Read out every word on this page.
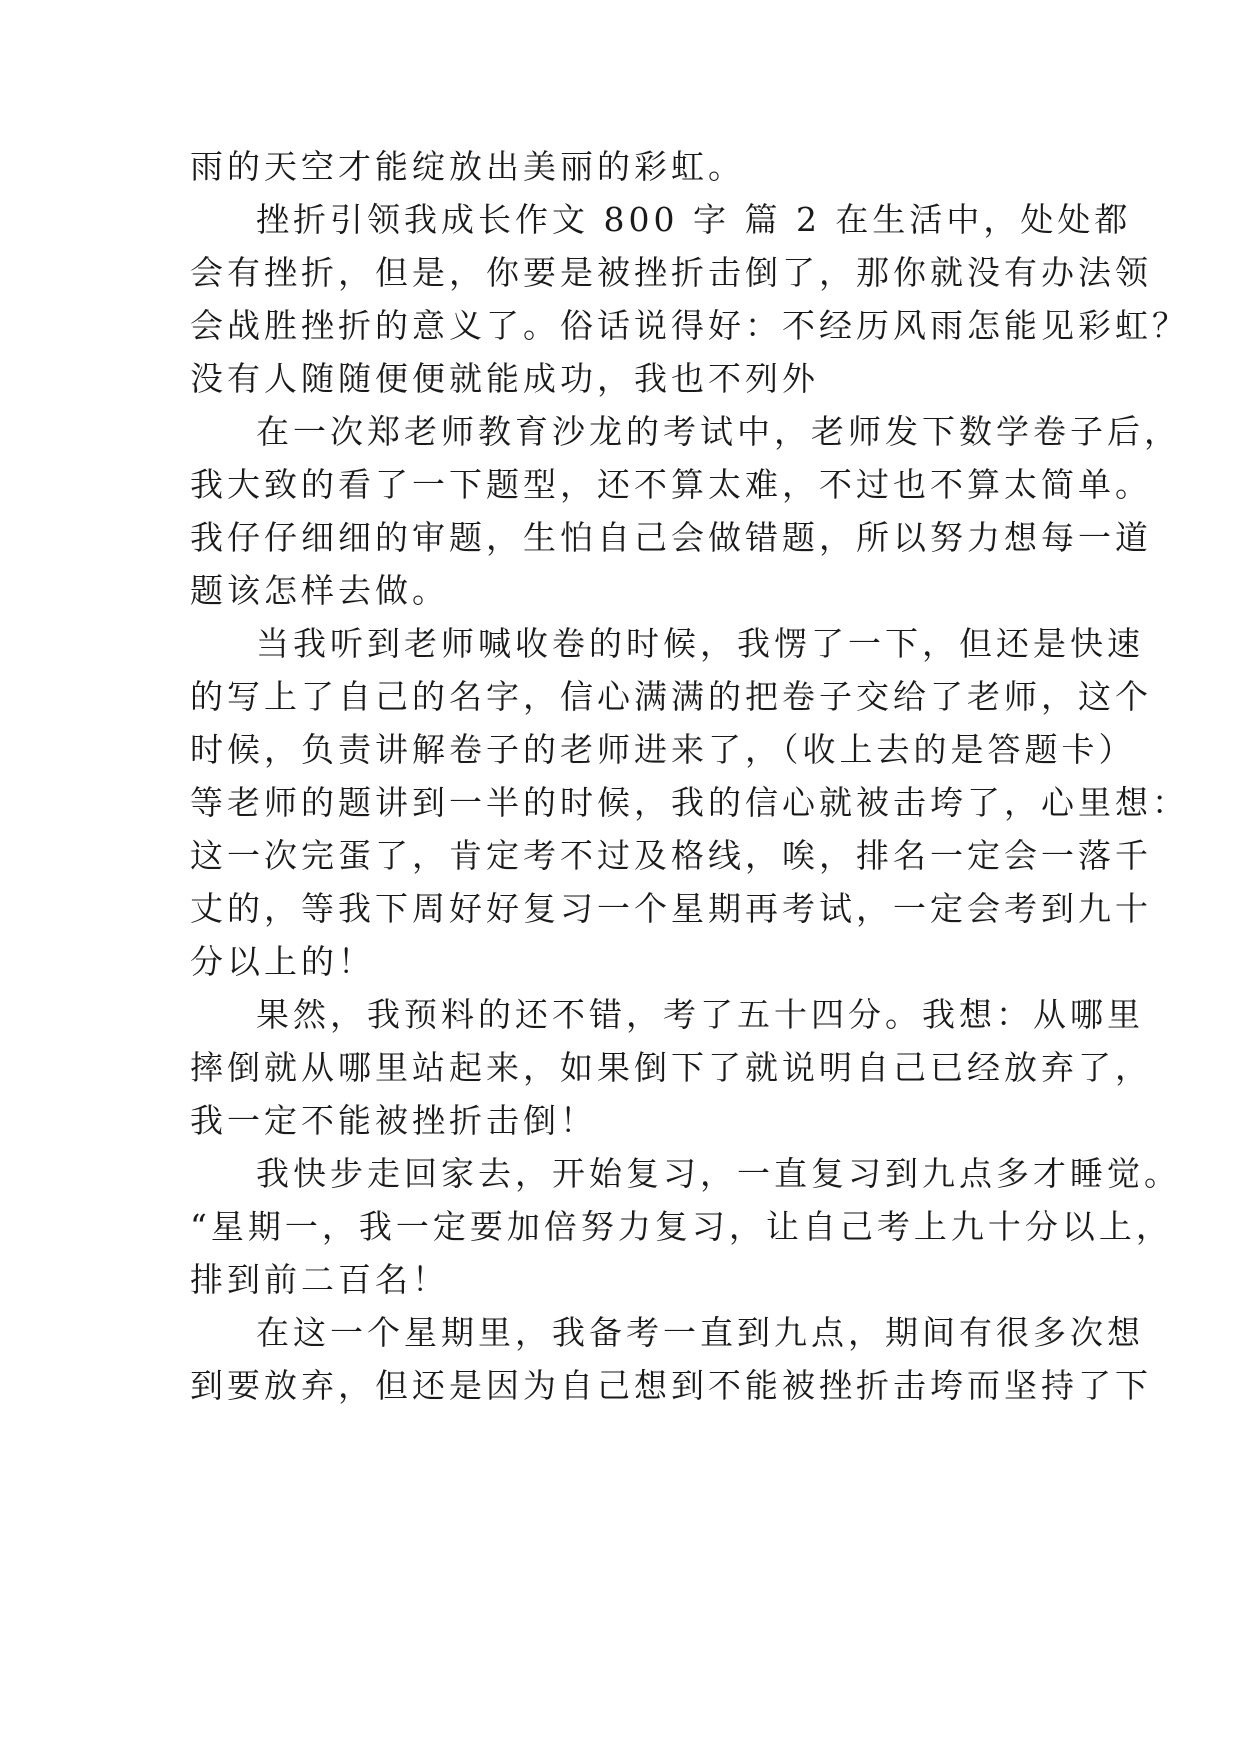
雨的天空才能绽放出美丽的彩虹。
挫折引领我成长作文 800 字 篇 2 在生活中，处处都
会有挫折，但是，你要是被挫折击倒了，那你就没有办法领
会战胜挫折的意义了。俗话说得好：不经历风雨怎能见彩虹？
没有人随随便便就能成功，我也不列外
在一次郑老师教育沙龙的考试中，老师发下数学卷子后，
我大致的看了一下题型，还不算太难，不过也不算太简单。
我仔仔细细的审题，生怕自己会做错题，所以努力想每一道
题该怎样去做。
当我听到老师喊收卷的时候，我愣了一下，但还是快速
的写上了自己的名字，信心满满的把卷子交给了老师，这个
时候，负责讲解卷子的老师进来了，（收上去的是答题卡）
等老师的题讲到一半的时候，我的信心就被击垮了，心里想：
这一次完蛋了，肯定考不过及格线，唉，排名一定会一落千
丈的，等我下周好好复习一个星期再考试，一定会考到九十
分以上的！
果然，我预料的还不错，考了五十四分。我想：从哪里
摔倒就从哪里站起来，如果倒下了就说明自己已经放弃了，
我一定不能被挫折击倒！
我快步走回家去，开始复习，一直复习到九点多才睡觉。
“星期一，我一定要加倍努力复习，让自己考上九十分以上，
排到前二百名！
在这一个星期里，我备考一直到九点，期间有很多次想
到要放弃，但还是因为自己想到不能被挫折击垮而坚持了下
